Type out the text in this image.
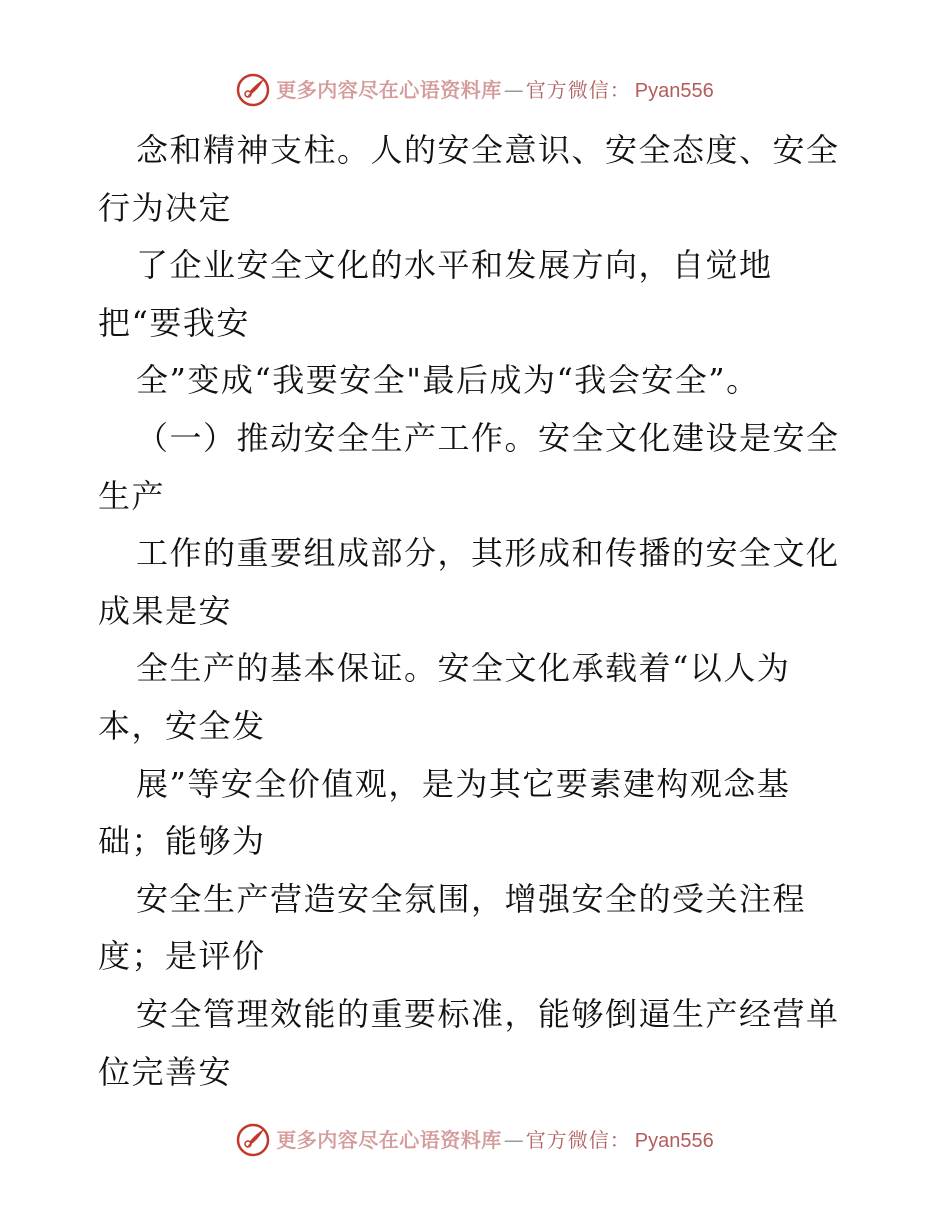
更多内容尽在心语资料库 — 官方微信： Pyan556
念和精神支柱。人的安全意识、安全态度、安全
行为决定
了企业安全文化的水平和发展方向，自觉地
把“要我安
全”变成“我要安全"最后成为“我会安全”。
（一）推动安全生产工作。安全文化建设是安全
生产
工作的重要组成部分，其形成和传播的安全文化
成果是安
全生产的基本保证。安全文化承载着“以人为
本，安全发
展”等安全价值观，是为其它要素建构观念基
础；能够为
安全生产营造安全氛围，增强安全的受关注程
度；是评价
安全管理效能的重要标准，能够倒逼生产经营单
位完善安
更多内容尽在心语资料库 — 官方微信： Pyan556
